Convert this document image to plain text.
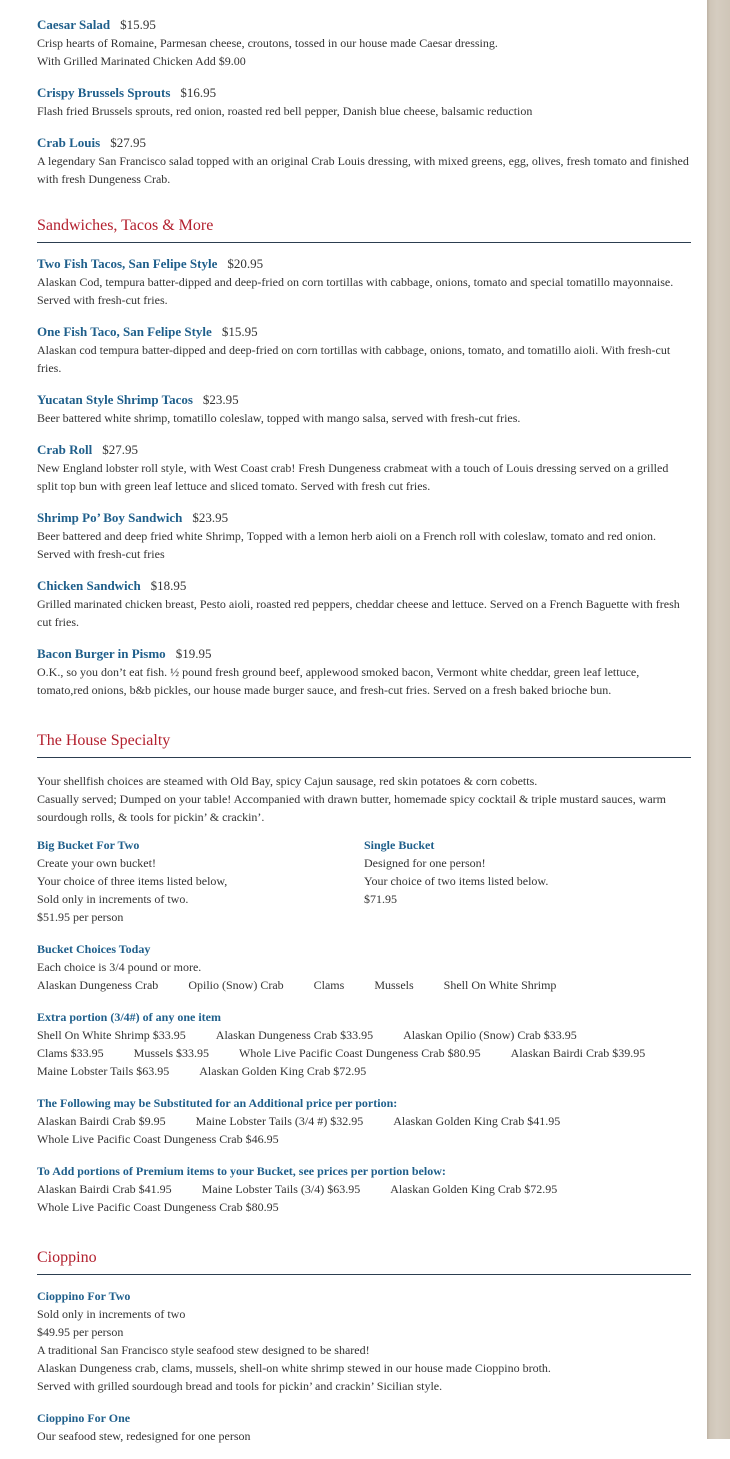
Caesar Salad $15.95
Crisp hearts of Romaine, Parmesan cheese, croutons, tossed in our house made Caesar dressing.
With Grilled Marinated Chicken Add $9.00
Crispy Brussels Sprouts $16.95
Flash fried Brussels sprouts, red onion, roasted red bell pepper, Danish blue cheese, balsamic reduction
Crab Louis $27.95
A legendary San Francisco salad topped with an original Crab Louis dressing, with mixed greens, egg, olives, fresh tomato and finished with fresh Dungeness Crab.
Sandwiches, Tacos & More
Two Fish Tacos, San Felipe Style $20.95
Alaskan Cod, tempura batter-dipped and deep-fried on corn tortillas with cabbage, onions, tomato and special tomatillo mayonnaise. Served with fresh-cut fries.
One Fish Taco, San Felipe Style $15.95
Alaskan cod tempura batter-dipped and deep-fried on corn tortillas with cabbage, onions, tomato, and tomatillo aioli. With fresh-cut fries.
Yucatan Style Shrimp Tacos $23.95
Beer battered white shrimp, tomatillo coleslaw, topped with mango salsa, served with fresh-cut fries.
Crab Roll $27.95
New England lobster roll style, with West Coast crab! Fresh Dungeness crabmeat with a touch of Louis dressing served on a grilled split top bun with green leaf lettuce and sliced tomato. Served with fresh cut fries.
Shrimp Po’ Boy Sandwich $23.95
Beer battered and deep fried white Shrimp, Topped with a lemon herb aioli on a French roll with coleslaw, tomato and red onion. Served with fresh-cut fries
Chicken Sandwich $18.95
Grilled marinated chicken breast, Pesto aioli, roasted red peppers, cheddar cheese and lettuce. Served on a French Baguette with fresh cut fries.
Bacon Burger in Pismo $19.95
O.K., so you don’t eat fish. ½ pound fresh ground beef, applewood smoked bacon, Vermont white cheddar, green leaf lettuce, tomato,red onions, b&b pickles, our house made burger sauce, and fresh-cut fries. Served on a fresh baked brioche bun.
The House Specialty
Your shellfish choices are steamed with Old Bay, spicy Cajun sausage, red skin potatoes & corn cobetts.
Casually served; Dumped on your table! Accompanied with drawn butter, homemade spicy cocktail & triple mustard sauces, warm sourdough rolls, & tools for pickin’ & crackin’.
Big Bucket For Two
Create your own bucket!
Your choice of three items listed below,
Sold only in increments of two.
$51.95 per person
Single Bucket
Designed for one person!
Your choice of two items listed below.
$71.95
Bucket Choices Today
Each choice is 3/4 pound or more.
Alaskan Dungeness Crab	Opilio (Snow) Crab	Clams	Mussels	Shell On White Shrimp
Extra portion (3/4#) of any one item
Shell On White Shrimp $33.95	Alaskan Dungeness Crab $33.95	Alaskan Opilio (Snow) Crab $33.95
Clams $33.95	Mussels $33.95	Whole Live Pacific Coast Dungeness Crab $80.95	Alaskan Bairdi Crab $39.95
Maine Lobster Tails $63.95	Alaskan Golden King Crab $72.95
The Following may be Substituted for an Additional price per portion:
Alaskan Bairdi Crab $9.95	Maine Lobster Tails (3/4 #) $32.95	Alaskan Golden King Crab $41.95
Whole Live Pacific Coast Dungeness Crab $46.95
To Add portions of Premium items to your Bucket, see prices per portion below:
Alaskan Bairdi Crab $41.95	Maine Lobster Tails (3/4) $63.95	Alaskan Golden King Crab $72.95
Whole Live Pacific Coast Dungeness Crab $80.95
Cioppino
Cioppino For Two
Sold only in increments of two
$49.95 per person
A traditional San Francisco style seafood stew designed to be shared!
Alaskan Dungeness crab, clams, mussels, shell-on white shrimp stewed in our house made Cioppino broth.
Served with grilled sourdough bread and tools for pickin’ and crackin’ Sicilian style.
Cioppino For One
Our seafood stew, redesigned for one person
